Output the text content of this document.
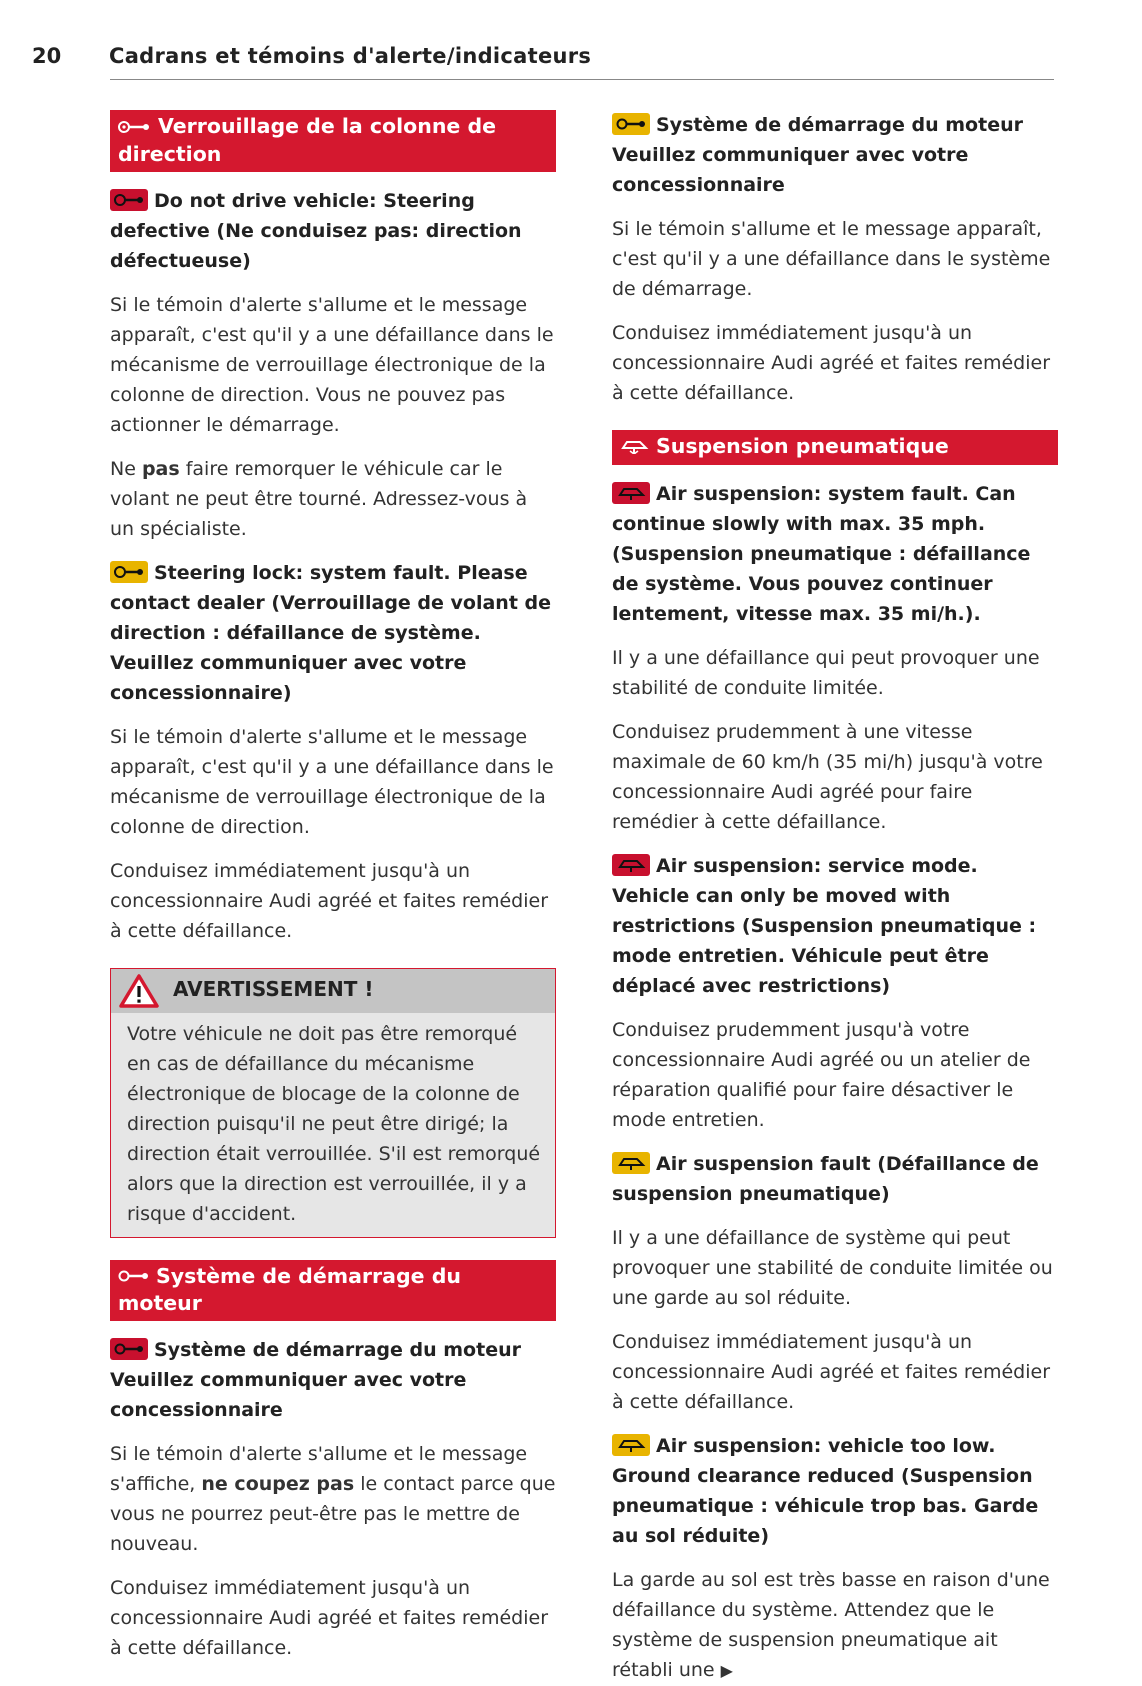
20 Cadrans et témoins d'alerte/indicateurs
Verrouillage de la colonne de direction
Do not drive vehicle: Steering defective (Ne conduisez pas: direction défectueuse)

Si le témoin d'alerte s'allume et le message apparaît, c'est qu'il y a une défaillance dans le mécanisme de verrouillage électronique de la colonne de direction. Vous ne pouvez pas actionner le démarrage.

Ne pas faire remorquer le véhicule car le volant ne peut être tourné. Adressez-vous à un spécialiste.

Steering lock: system fault. Please contact dealer (Verrouillage de volant de direction : défaillance de système. Veuillez communiquer avec votre concessionnaire)

Si le témoin d'alerte s'allume et le message apparaît, c'est qu'il y a une défaillance dans le mécanisme de verrouillage électronique de la colonne de direction.

Conduisez immédiatement jusqu'à un concessionnaire Audi agréé et faites remédier à cette défaillance.

AVERTISSEMENT !

Votre véhicule ne doit pas être remorqué en cas de défaillance du mécanisme électronique de blocage de la colonne de direction puisqu'il ne peut être dirigé; la direction était verrouillée. S'il est remorqué alors que la direction est verrouillée, il y a risque d'accident.

Système de démarrage du moteur
Système de démarrage du moteur Veuillez communiquer avec votre concessionnaire

Si le témoin d'alerte s'allume et le message s'affiche, ne coupez pas le contact parce que vous ne pourrez peut-être pas le mettre de nouveau.

Conduisez immédiatement jusqu'à un concessionnaire Audi agréé et faites remédier à cette défaillance.

Système de démarrage du moteur Veuillez communiquer avec votre concessionnaire

Si le témoin s'allume et le message apparaît, c'est qu'il y a une défaillance dans le système de démarrage.

Conduisez immédiatement jusqu'à un concessionnaire Audi agréé et faites remédier à cette défaillance.

Suspension pneumatique
Air suspension: system fault. Can continue slowly with max. 35 mph. (Suspension pneumatique : défaillance de système. Vous pouvez continuer lentement, vitesse max. 35 mi/h.).

Il y a une défaillance qui peut provoquer une stabilité de conduite limitée.

Conduisez prudemment à une vitesse maximale de 60 km/h (35 mi/h) jusqu'à votre concessionnaire Audi agréé pour faire remédier à cette défaillance.

Air suspension: service mode. Vehicle can only be moved with restrictions (Suspension pneumatique : mode entretien. Véhicule peut être déplacé avec restrictions)

Conduisez prudemment jusqu'à votre concessionnaire Audi agréé ou un atelier de réparation qualifié pour faire désactiver le mode entretien.

Air suspension fault (Défaillance de suspension pneumatique)

Il y a une défaillance de système qui peut provoquer une stabilité de conduite limitée ou une garde au sol réduite.

Conduisez immédiatement jusqu'à un concessionnaire Audi agréé et faites remédier à cette défaillance.

Air suspension: vehicle too low. Ground clearance reduced (Suspension pneumatique : véhicule trop bas. Garde au sol réduite)

La garde au sol est très basse en raison d'une défaillance du système. Attendez que le système de suspension pneumatique ait rétabli une ▶
